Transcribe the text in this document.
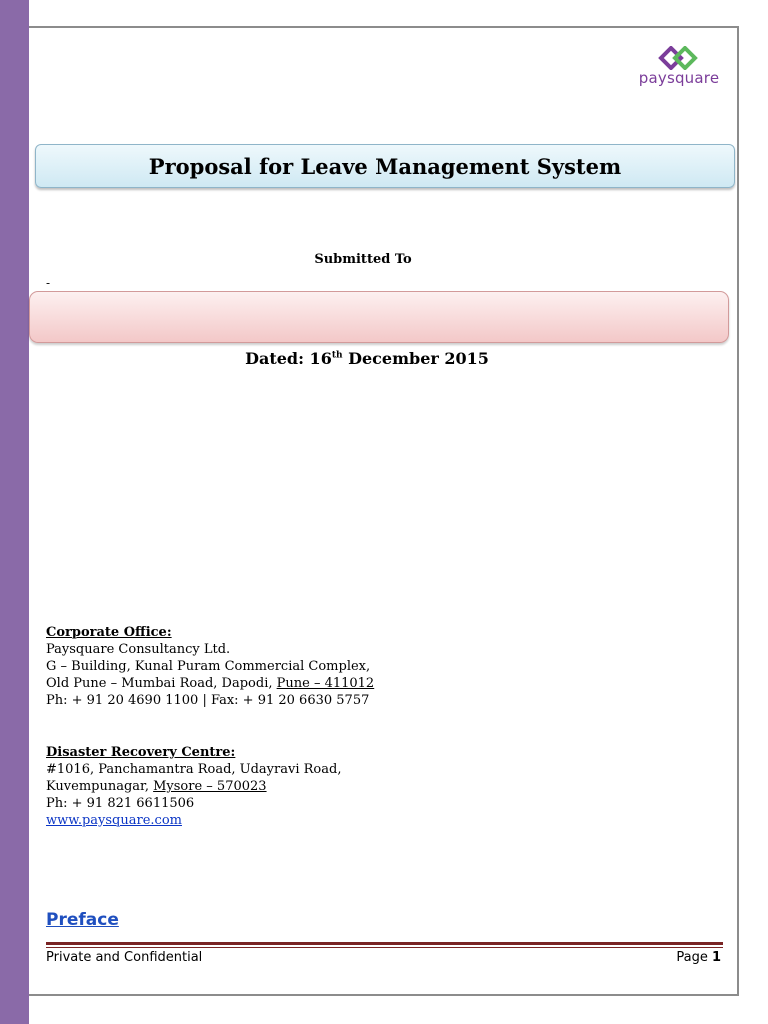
paysquare
Proposal for Leave Management System
Submitted To
-
Dated: 16th December 2015
Corporate Office:
Paysquare Consultancy Ltd.
G – Building, Kunal Puram Commercial Complex,
Old Pune – Mumbai Road, Dapodi, Pune – 411012
Ph: + 91 20 4690 1100 | Fax: + 91 20 6630 5757
Disaster Recovery Centre:
#1016, Panchamantra Road, Udayravi Road,
Kuvempunagar, Mysore – 570023
Ph: + 91 821 6611506
www.paysquare.com
Preface
Private and Confidential	Page 1
